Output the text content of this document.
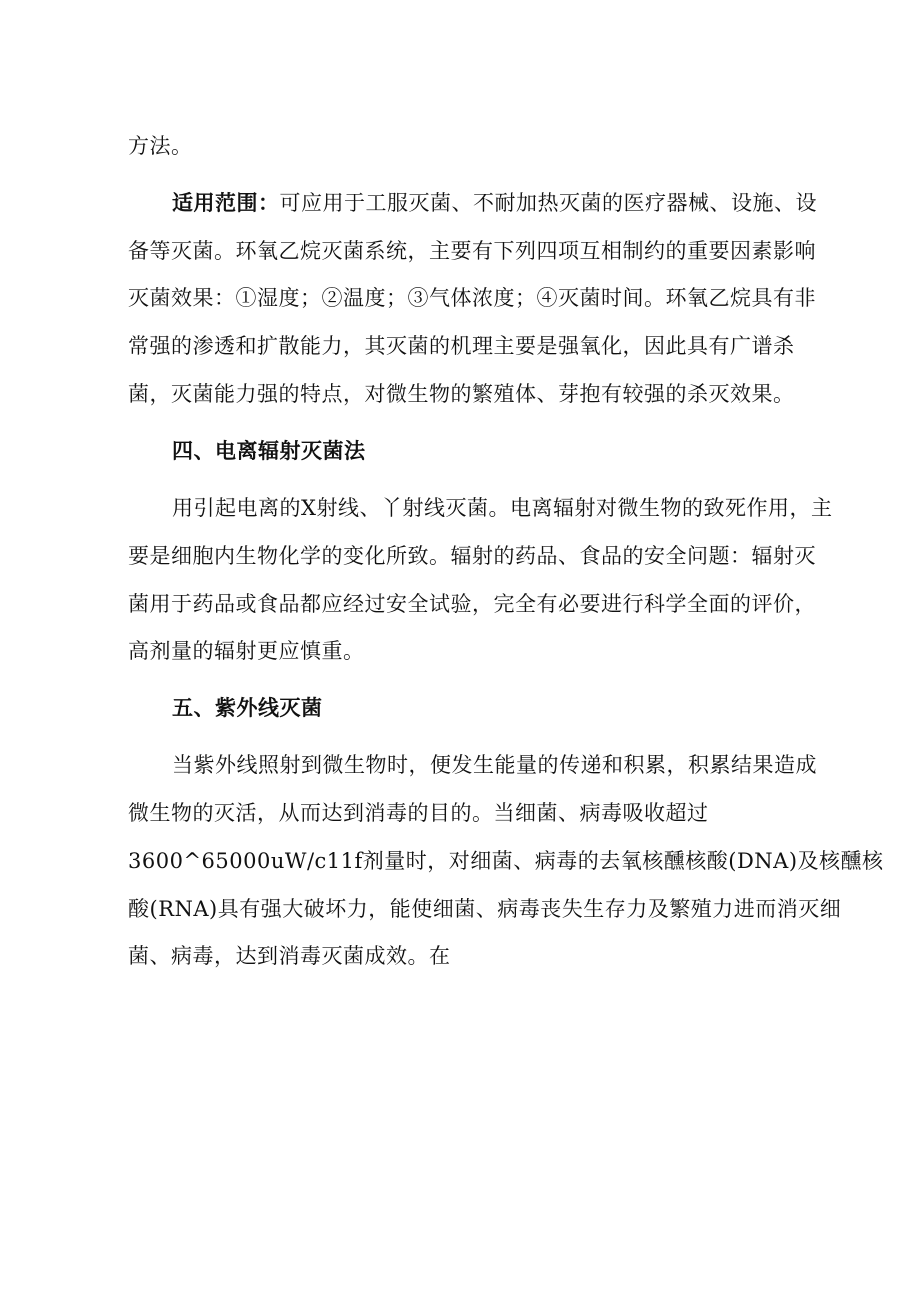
方法。
适用范围：可应用于工服灭菌、不耐加热灭菌的医疗器械、设施、设
备等灭菌。环氧乙烷灭菌系统，主要有下列四项互相制约的重要因素影响
灭菌效果：①湿度；②温度；③气体浓度；④灭菌时间。环氧乙烷具有非
常强的渗透和扩散能力，其灭菌的机理主要是强氧化，因此具有广谱杀
菌，灭菌能力强的特点，对微生物的繁殖体、芽抱有较强的杀灭效果。
四、电离辐射灭菌法
用引起电离的X射线、丫射线灭菌。电离辐射对微生物的致死作用，主
要是细胞内生物化学的变化所致。辐射的药品、食品的安全问题：辐射灭
菌用于药品或食品都应经过安全试验，完全有必要进行科学全面的评价，
高剂量的辐射更应慎重。
五、紫外线灭菌
当紫外线照射到微生物时，便发生能量的传递和积累，积累结果造成
微生物的灭活，从而达到消毒的目的。当细菌、病毒吸收超过
3600^65000uW/c11f剂量时，对细菌、病毒的去氧核醺核酸(DNA)及核醺核
酸(RNA)具有强大破坏力，能使细菌、病毒丧失生存力及繁殖力进而消灭细
菌、病毒，达到消毒灭菌成效。在
